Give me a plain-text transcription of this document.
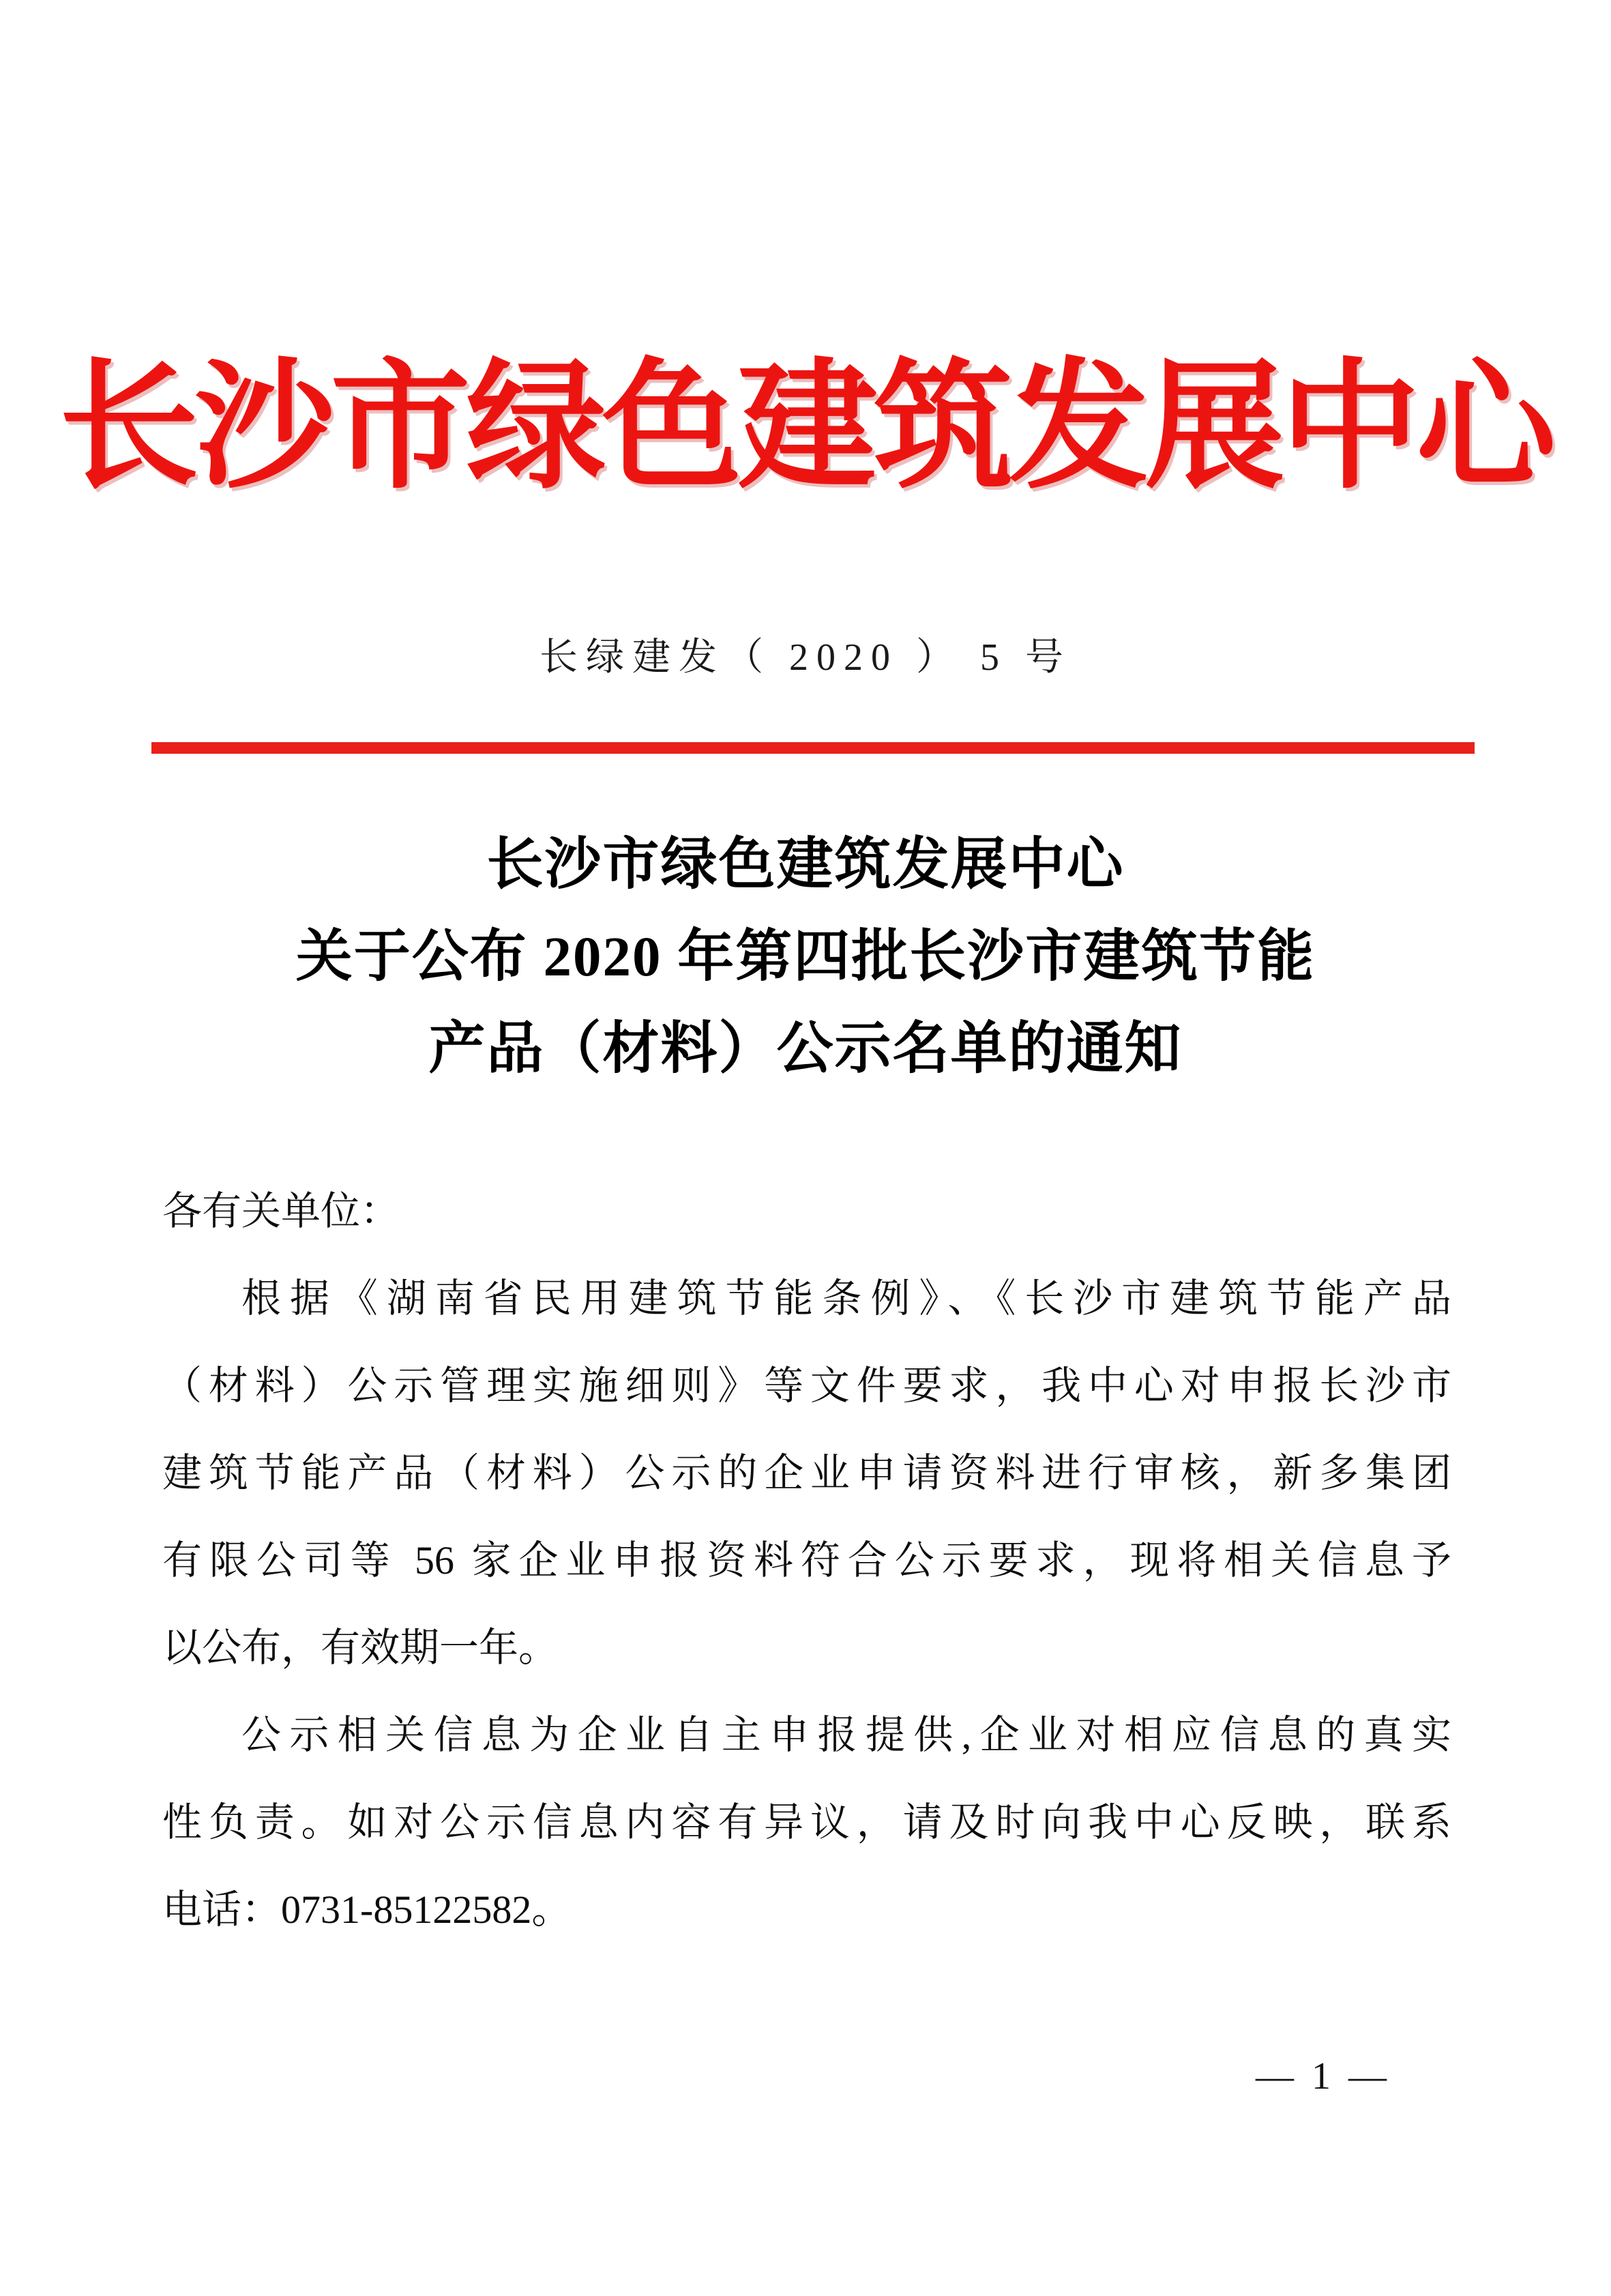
长沙市绿色建筑发展中心
长绿建发（ 2020 ） 5 号
长沙市绿色建筑发展中心
关于公布 2020 年第四批长沙市建筑节能
产品（材料）公示名单的通知
各有关单位：
根据《湖南省民用建筑节能条例》、《长沙市建筑节能产品
（材料）公示管理实施细则》等文件要求，我中心对申报长沙市
建筑节能产品（材料）公示的企业申请资料进行审核，新多集团
有限公司等 56 家企业申报资料符合公示要求，现将相关信息予
以公布，有效期一年。
公示相关信息为企业自主申报提供,企业对相应信息的真实
性负责。如对公示信息内容有异议，请及时向我中心反映，联系
电话：0731-85122582。
— 1 —
